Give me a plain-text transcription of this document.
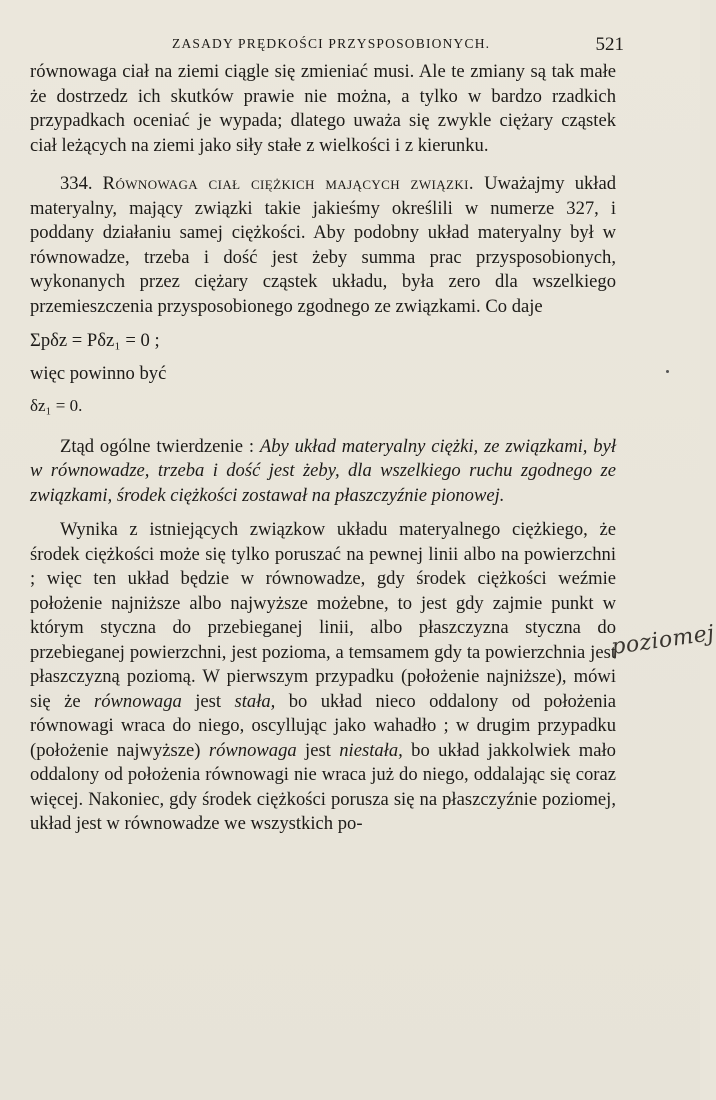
ZASADY PRĘDKOŚCI PRZYSPOSOBIONYCH.	521

równowaga ciał na ziemi ciągle się zmieniać musi. Ale te zmiany są tak małe że dostrzedz ich skutków prawie nie można, a tylko w bardzo rzadkich przypadkach oceniać je wypada; dlatego uważa się zwykle ciężary cząstek ciał leżących na ziemi jako siły stałe z wielkości i z kierunku.

334. Równowaga ciał ciężkich mających związki. Uważajmy układ materyalny, mający związki takie jakieśmy określili w numerze 327, i poddany działaniu samej ciężkości. Aby podobny układ materyalny był w równowadze, trzeba i dość jest żeby summa prac przysposobionych, wykonanych przez ciężary cząstek układu, była zero dla wszelkiego przemieszczenia przysposobionego zgodnego ze związkami. Co daje

Σpδz = Pδz₁ = 0 ;

więc powinno być

δz₁ = 0.

Ztąd ogólne twierdzenie : Aby układ materyalny ciężki, ze związkami, był w równowadze, trzeba i dość jest żeby, dla wszelkiego ruchu zgodnego ze związkami, środek ciężkości zostawał na płaszczyźnie pionowej.

Wynika z istniejących związkow układu materyalnego ciężkiego, że środek ciężkości może się tylko poruszać na pewnej linii albo na powierzchni ; więc ten układ będzie w równowadze, gdy środek ciężkości weźmie położenie najniższe albo najwyższe możebne, to jest gdy zajmie punkt w którym styczna do przebieganej linii, albo płaszczyzna styczna do przebieganej powierzchni, jest pozioma, a temsamem gdy ta powierzchnia jest płaszczyzną poziomą. W pierwszym przypadku (położenie najniższe), mówi się że równowaga jest stała, bo układ nieco oddalony od położenia równowagi wraca do niego, oscyllując jako wahadło ; w drugim przypadku (położenie najwyższe) równowaga jest niestała, bo układ jakkolwiek mało oddalony od położenia równowagi nie wraca już do niego, oddalając się coraz więcej. Nakoniec, gdy środek ciężkości porusza się na płaszczyźnie poziomej, układ jest w równowadze we wszystkich po-

poziomej
